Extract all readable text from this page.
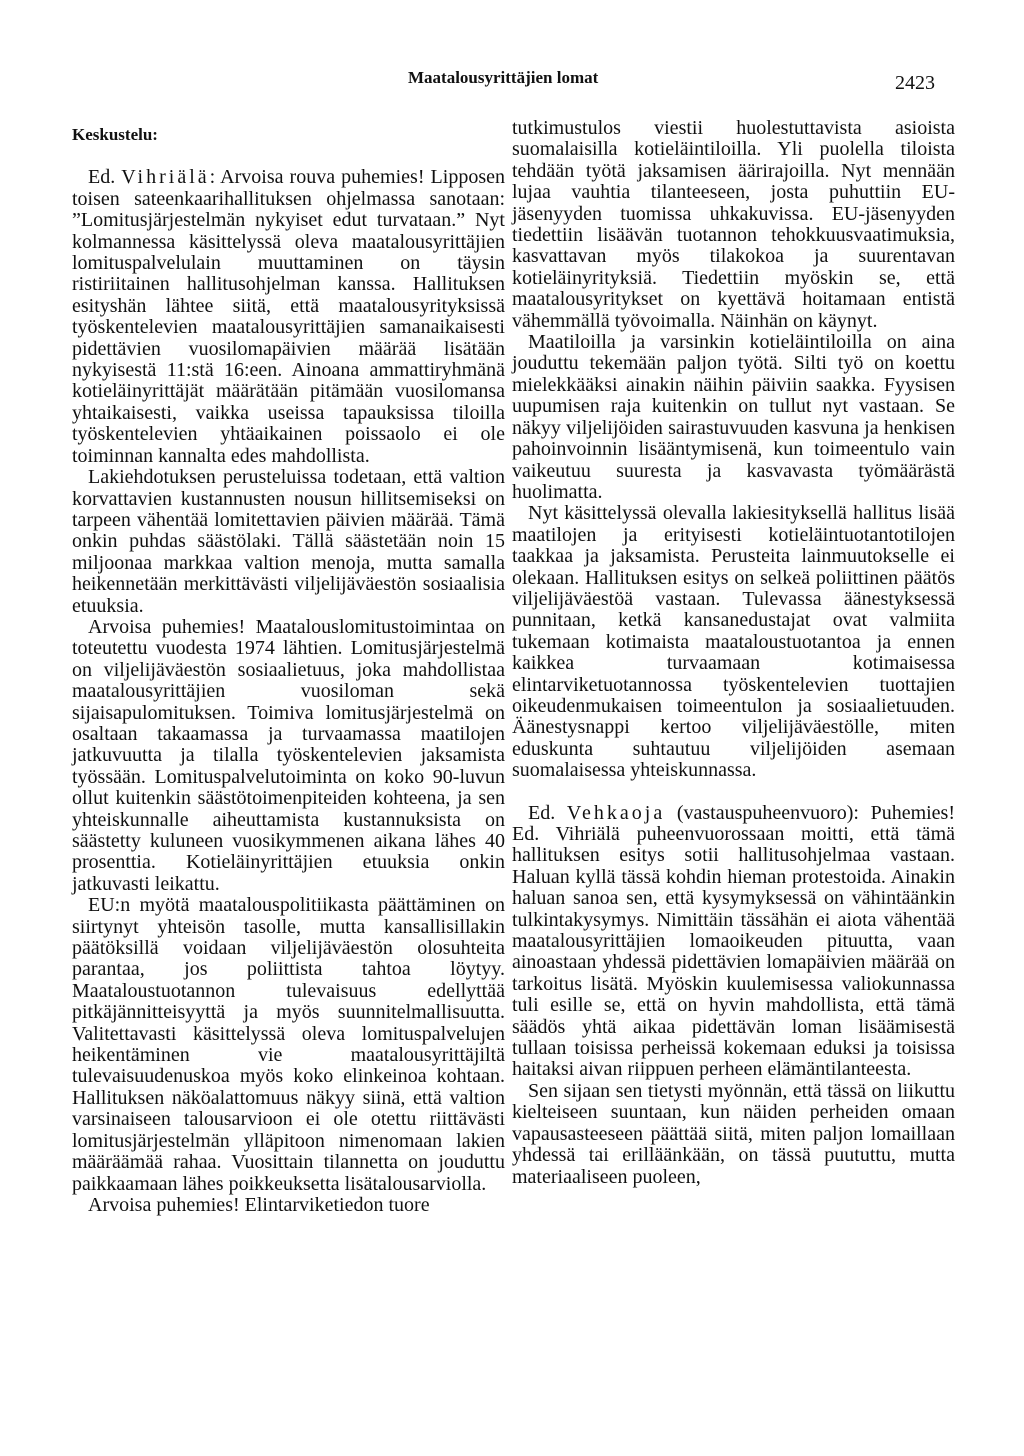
Maatalousyrittäjien lomat	2423

Keskustelu:

Ed. Vihriälä: Arvoisa rouva puhemies! Lipposen toisen sateenkaarihallituksen ohjelmassa sanotaan: ”Lomitusjärjestelmän nykyiset edut turvataan.” Nyt kolmannessa käsittelyssä oleva maatalousyrittäjien lomituspalvelulain muuttaminen on täysin ristiriitainen hallitusohjelman kanssa. Hallituksen esityshän lähtee siitä, että maatalousyrityksissä työskentelevien maatalousyrittäjien samanaikaisesti pidettävien vuosilomapäivien määrää lisätään nykyisestä 11:stä 16:een. Ainoana ammattiryhmänä kotieläinyrittäjät määrätään pitämään vuosilomansa yhtaikaisesti, vaikka useissa tapauksissa tiloilla työskentelevien yhtäaikainen poissaolo ei ole toiminnan kannalta edes mahdollista.

Lakiehdotuksen perusteluissa todetaan, että valtion korvattavien kustannusten nousun hillitsemiseksi on tarpeen vähentää lomitettavien päivien määrää. Tämä onkin puhdas säästölaki. Tällä säästetään noin 15 miljoonaa markkaa valtion menoja, mutta samalla heikennetään merkittävästi viljelijäväestön sosiaalisia etuuksia.

Arvoisa puhemies! Maatalouslomitustoimintaa on toteutettu vuodesta 1974 lähtien. Lomitusjärjestelmä on viljelijäväestön sosiaalietuus, joka mahdollistaa maatalousyrittäjien vuosiloman sekä sijaisapulomituksen. Toimiva lomitusjärjestelmä on osaltaan takaamassa ja turvaamassa maatilojen jatkuvuutta ja tilalla työskentelevien jaksamista työssään. Lomituspalvelutoiminta on koko 90-luvun ollut kuitenkin säästötoimenpiteiden kohteena, ja sen yhteiskunnalle aiheuttamista kustannuksista on säästetty kuluneen vuosikymmenen aikana lähes 40 prosenttia. Kotieläinyrittäjien etuuksia onkin jatkuvasti leikattu.

EU:n myötä maatalouspolitiikasta päättäminen on siirtynyt yhteisön tasolle, mutta kansallisillakin päätöksillä voidaan viljelijäväestön olosuhteita parantaa, jos poliittista tahtoa löytyy. Maataloustuotannon tulevaisuus edellyttää pitkäjännitteisyyttä ja myös suunnitelmallisuutta. Valitettavasti käsittelyssä oleva lomituspalvelujen heikentäminen vie maatalousyrittäjiltä tulevaisuudenuskoa myös koko elinkeinoa kohtaan. Hallituksen näköalattomuus näkyy siinä, että valtion varsinaiseen talousarvioon ei ole otettu riittävästi lomitusjärjestelmän ylläpitoon nimenomaan lakien määräämää rahaa. Vuosittain tilannetta on jouduttu paikkaamaan lähes poikkeuksetta lisätalousarviolla.

Arvoisa puhemies! Elintarviketiedon tuore

tutkimustulos viestii huolestuttavista asioista suomalaisilla kotieläintiloilla. Yli puolella tiloista tehdään työtä jaksamisen äärirajoilla. Nyt mennään lujaa vauhtia tilanteeseen, josta puhuttiin EU-jäsenyyden tuomissa uhkakuvissa. EU-jäsenyyden tiedettiin lisäävän tuotannon tehokkuusvaatimuksia, kasvattavan myös tilakokoa ja suurentavan kotieläinyrityksiä. Tiedettiin myöskin se, että maatalousyritykset on kyettävä hoitamaan entistä vähemmällä työvoimalla. Näinhän on käynyt.

Maatiloilla ja varsinkin kotieläintiloilla on aina jouduttu tekemään paljon työtä. Silti työ on koettu mielekkääksi ainakin näihin päiviin saakka. Fyysisen uupumisen raja kuitenkin on tullut nyt vastaan. Se näkyy viljelijöiden sairastuvuuden kasvuna ja henkisen pahoinvoinnin lisääntymisenä, kun toimeentulo vain vaikeutuu suuresta ja kasvavasta työmäärästä huolimatta.

Nyt käsittelyssä olevalla lakiesityksellä hallitus lisää maatilojen ja erityisesti kotieläintuotantotilojen taakkaa ja jaksamista. Perusteita lainmuutokselle ei olekaan. Hallituksen esitys on selkeä poliittinen päätös viljelijäväestöä vastaan. Tulevassa äänestyksessä punnitaan, ketkä kansanedustajat ovat valmiita tukemaan kotimaista maataloustuotantoa ja ennen kaikkea turvaamaan kotimaisessa elintarviketuotannossa työskentelevien tuottajien oikeudenmukaisen toimeentulon ja sosiaalietuuden. Äänestysnappi kertoo viljelijäväestölle, miten eduskunta suhtautuu viljelijöiden asemaan suomalaisessa yhteiskunnassa.

Ed. Vehkaoja (vastauspuheenvuoro): Puhemies! Ed. Vihriälä puheenvuorossaan moitti, että tämä hallituksen esitys sotii hallitusohjelmaa vastaan. Haluan kyllä tässä kohdin hieman protestoida. Ainakin haluan sanoa sen, että kysymyksessä on vähintäänkin tulkintakysymys. Nimittäin tässähän ei aiota vähentää maatalousyrittäjien lomaoikeuden pituutta, vaan ainoastaan yhdessä pidettävien lomapäivien määrää on tarkoitus lisätä. Myöskin kuulemisessa valiokunnassa tuli esille se, että on hyvin mahdollista, että tämä säädös yhtä aikaa pidettävän loman lisäämisestä tullaan toisissa perheissä kokemaan eduksi ja toisissa haitaksi aivan riippuen perheen elämäntilanteesta.

Sen sijaan sen tietysti myönnän, että tässä on liikuttu kielteiseen suuntaan, kun näiden perheiden omaan vapausasteeseen päättää siitä, miten paljon lomaillaan yhdessä tai erilläänkään, on tässä puututtu, mutta materiaaliseen puoleen,
